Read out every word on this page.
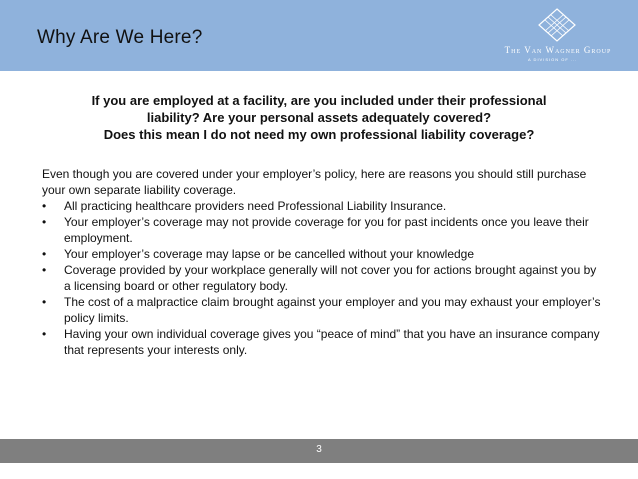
Why Are We Here?
The Van Wagner Group
A DIVISION OF ...
If you are employed at a facility, are you included under their professional
liability? Are your personal assets adequately covered?
Does this mean I do not need my own professional liability coverage?

Even though you are covered under your employer’s policy, here are reasons you should still purchase your own separate liability coverage.

• All practicing healthcare providers need Professional Liability Insurance.
• Your employer’s coverage may not provide coverage for you for past incidents once you leave their employment.
• Your employer’s coverage may lapse or be cancelled without your knowledge
• Coverage provided by your workplace generally will not cover you for actions brought against you by a licensing board or other regulatory body.
• The cost of a malpractice claim brought against your employer and you may exhaust your employer’s policy limits.
• Having your own individual coverage gives you “peace of mind” that you have an insurance company that represents your interests only.
3
